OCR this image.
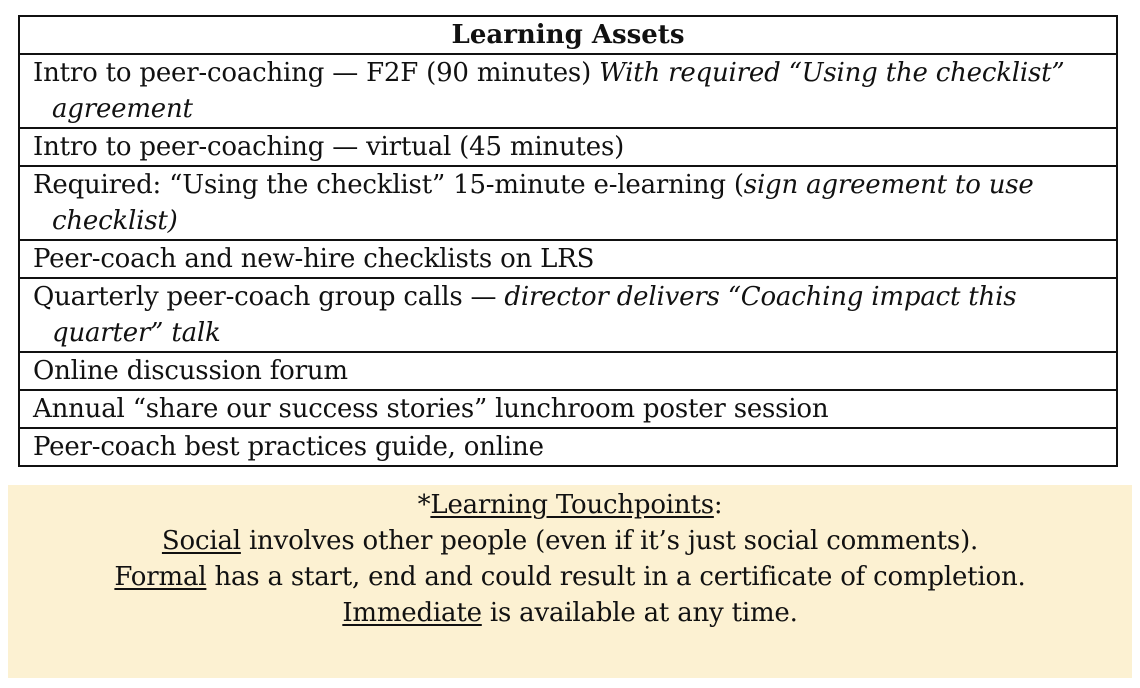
Learning Assets
Intro to peer-coaching — F2F (90 minutes) With required “Using the checklist” agreement
Intro to peer-coaching — virtual (45 minutes)
Required: “Using the checklist” 15-minute e-learning (sign agreement to use checklist)
Peer-coach and new-hire checklists on LRS
Quarterly peer-coach group calls — director delivers “Coaching impact this quarter” talk
Online discussion forum
Annual “share our success stories” lunchroom poster session
Peer-coach best practices guide, online
*Learning Touchpoints:
Social involves other people (even if it’s just social comments).
Formal has a start, end and could result in a certificate of completion.
Immediate is available at any time.
